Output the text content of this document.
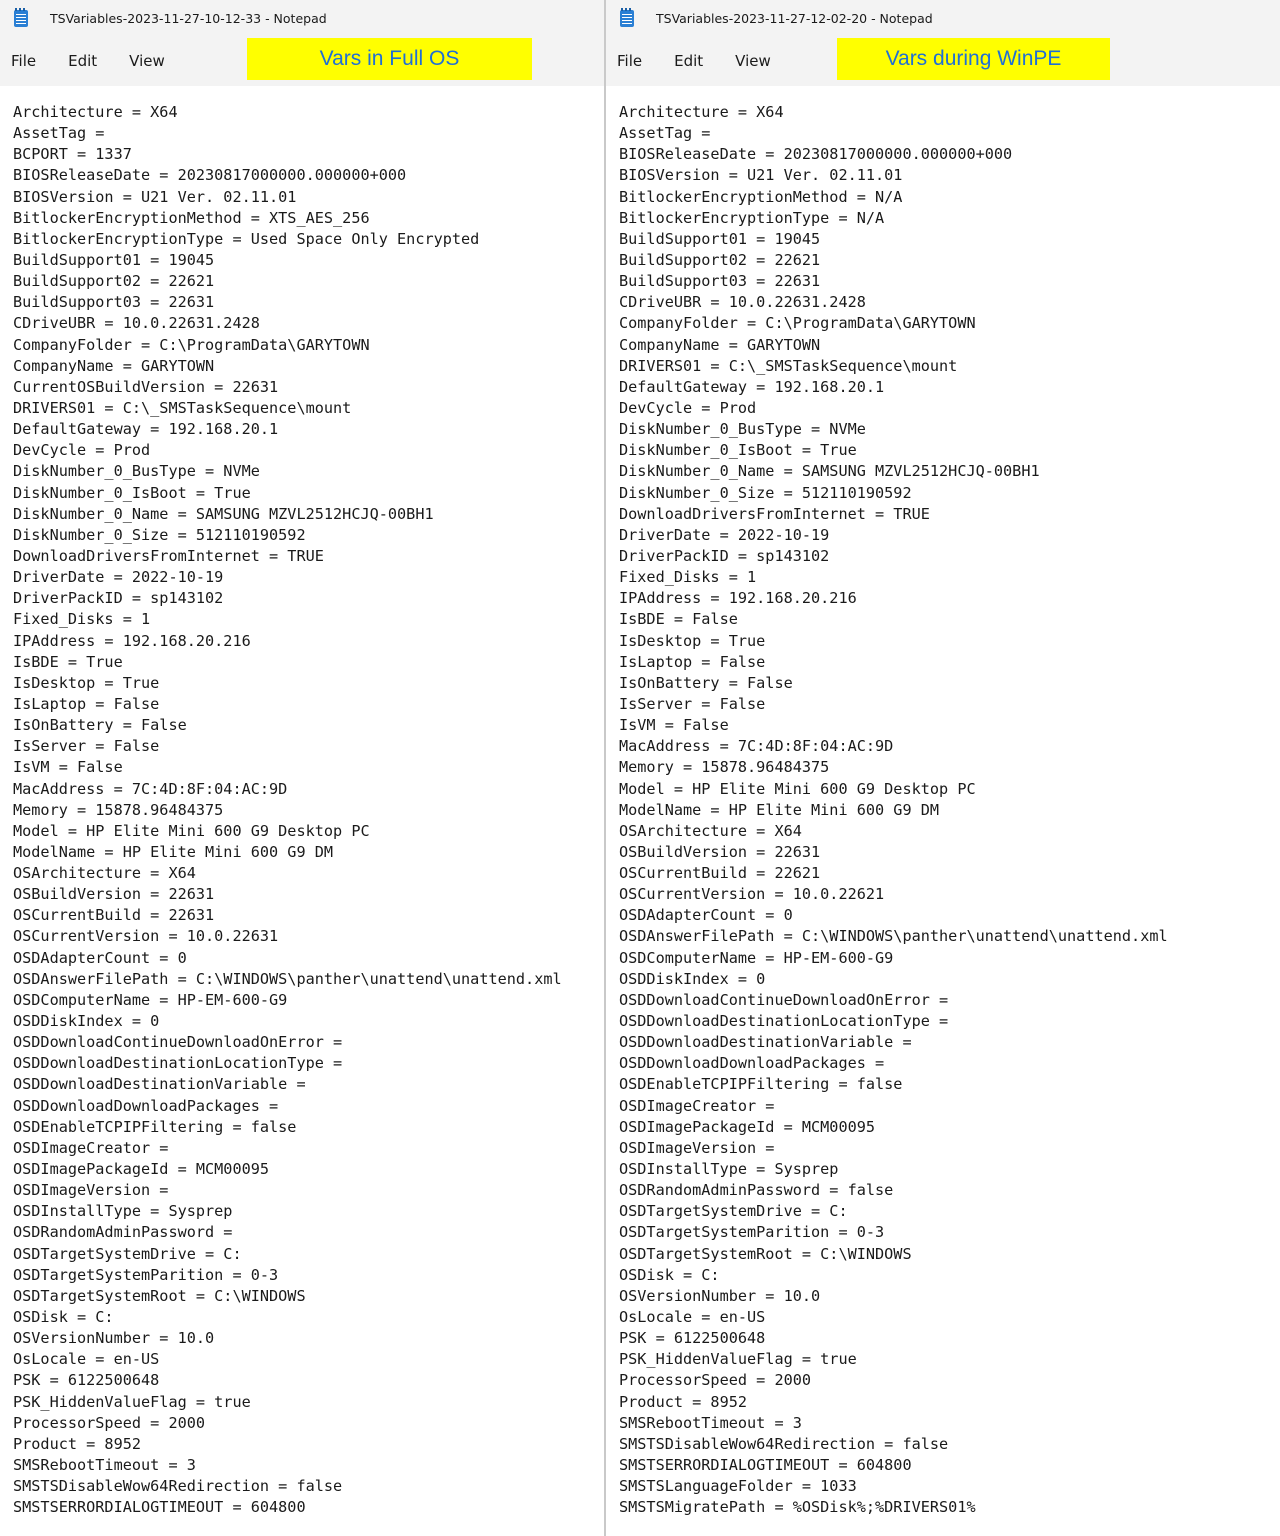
TSVariables-2023-11-27-10-12-33 - Notepad
File Edit View	Vars in Full OS
Architecture = X64
AssetTag =
BCPORT = 1337
BIOSReleaseDate = 20230817000000.000000+000
BIOSVersion = U21 Ver. 02.11.01
BitlockerEncryptionMethod = XTS_AES_256
BitlockerEncryptionType = Used Space Only Encrypted
BuildSupport01 = 19045
BuildSupport02 = 22621
BuildSupport03 = 22631
CDriveUBR = 10.0.22631.2428
CompanyFolder = C:\ProgramData\GARYTOWN
CompanyName = GARYTOWN
CurrentOSBuildVersion = 22631
DRIVERS01 = C:\_SMSTaskSequence\mount
DefaultGateway = 192.168.20.1
DevCycle = Prod
DiskNumber_0_BusType = NVMe
DiskNumber_0_IsBoot = True
DiskNumber_0_Name = SAMSUNG MZVL2512HCJQ-00BH1
DiskNumber_0_Size = 512110190592
DownloadDriversFromInternet = TRUE
DriverDate = 2022-10-19
DriverPackID = sp143102
Fixed_Disks = 1
IPAddress = 192.168.20.216
IsBDE = True
IsDesktop = True
IsLaptop = False
IsOnBattery = False
IsServer = False
IsVM = False
MacAddress = 7C:4D:8F:04:AC:9D
Memory = 15878.96484375
Model = HP Elite Mini 600 G9 Desktop PC
ModelName = HP Elite Mini 600 G9 DM
OSArchitecture = X64
OSBuildVersion = 22631
OSCurrentBuild = 22631
OSCurrentVersion = 10.0.22631
OSDAdapterCount = 0
OSDAnswerFilePath = C:\WINDOWS\panther\unattend\unattend.xml
OSDComputerName = HP-EM-600-G9
OSDDiskIndex = 0
OSDDownloadContinueDownloadOnError =
OSDDownloadDestinationLocationType =
OSDDownloadDestinationVariable =
OSDDownloadDownloadPackages =
OSDEnableTCPIPFiltering = false
OSDImageCreator =
OSDImagePackageId = MCM00095
OSDImageVersion =
OSDInstallType = Sysprep
OSDRandomAdminPassword =
OSDTargetSystemDrive = C:
OSDTargetSystemParition = 0-3
OSDTargetSystemRoot = C:\WINDOWS
OSDisk = C:
OSVersionNumber = 10.0
OsLocale = en-US
PSK = 6122500648
PSK_HiddenValueFlag = true
ProcessorSpeed = 2000
Product = 8952
SMSRebootTimeout = 3
SMSTSDisableWow64Redirection = false
SMSTSERRORDIALOGTIMEOUT = 604800
TSVariables-2023-11-27-12-02-20 - Notepad
File Edit View	Vars during WinPE
Architecture = X64
AssetTag =
BIOSReleaseDate = 20230817000000.000000+000
BIOSVersion = U21 Ver. 02.11.01
BitlockerEncryptionMethod = N/A
BitlockerEncryptionType = N/A
BuildSupport01 = 19045
BuildSupport02 = 22621
BuildSupport03 = 22631
CDriveUBR = 10.0.22631.2428
CompanyFolder = C:\ProgramData\GARYTOWN
CompanyName = GARYTOWN
DRIVERS01 = C:\_SMSTaskSequence\mount
DefaultGateway = 192.168.20.1
DevCycle = Prod
DiskNumber_0_BusType = NVMe
DiskNumber_0_IsBoot = True
DiskNumber_0_Name = SAMSUNG MZVL2512HCJQ-00BH1
DiskNumber_0_Size = 512110190592
DownloadDriversFromInternet = TRUE
DriverDate = 2022-10-19
DriverPackID = sp143102
Fixed_Disks = 1
IPAddress = 192.168.20.216
IsBDE = False
IsDesktop = True
IsLaptop = False
IsOnBattery = False
IsServer = False
IsVM = False
MacAddress = 7C:4D:8F:04:AC:9D
Memory = 15878.96484375
Model = HP Elite Mini 600 G9 Desktop PC
ModelName = HP Elite Mini 600 G9 DM
OSArchitecture = X64
OSBuildVersion = 22631
OSCurrentBuild = 22621
OSCurrentVersion = 10.0.22621
OSDAdapterCount = 0
OSDAnswerFilePath = C:\WINDOWS\panther\unattend\unattend.xml
OSDComputerName = HP-EM-600-G9
OSDDiskIndex = 0
OSDDownloadContinueDownloadOnError =
OSDDownloadDestinationLocationType =
OSDDownloadDestinationVariable =
OSDDownloadDownloadPackages =
OSDEnableTCPIPFiltering = false
OSDImageCreator =
OSDImagePackageId = MCM00095
OSDImageVersion =
OSDInstallType = Sysprep
OSDRandomAdminPassword = false
OSDTargetSystemDrive = C:
OSDTargetSystemParition = 0-3
OSDTargetSystemRoot = C:\WINDOWS
OSDisk = C:
OSVersionNumber = 10.0
OsLocale = en-US
PSK = 6122500648
PSK_HiddenValueFlag = true
ProcessorSpeed = 2000
Product = 8952
SMSRebootTimeout = 3
SMSTSDisableWow64Redirection = false
SMSTSERRORDIALOGTIMEOUT = 604800
SMSTSLanguageFolder = 1033
SMSTSMigratePath = %OSDisk%;%DRIVERS01%
